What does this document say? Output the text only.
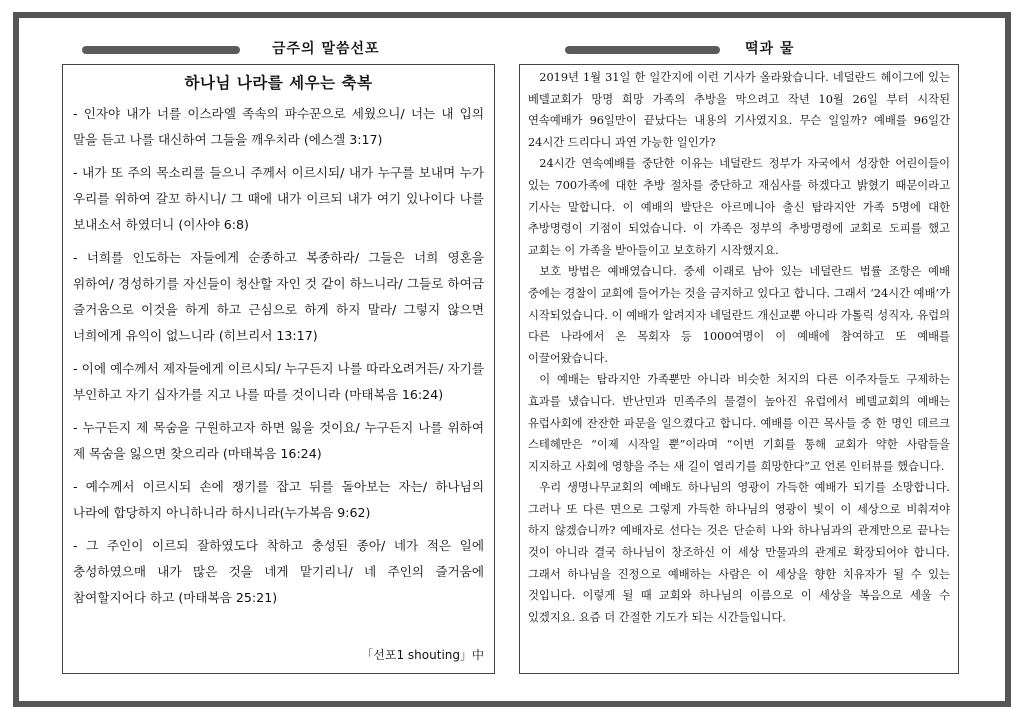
금주의 말씀선포	떡과 물
하나님 나라를 세우는 축복

- 인자야 내가 너를 이스라엘 족속의 파수꾼으로 세웠으니/ 너는 내 입의 말을 듣고 나를 대신하여 그들을 깨우치라 (에스겔 3:17)

- 내가 또 주의 목소리를 들으니 주께서 이르시되/ 내가 누구를 보내며 누가 우리를 위하여 갈꼬 하시니/ 그 때에 내가 이르되 내가 여기 있나이다 나를 보내소서 하였더니 (이사야 6:8)

- 너희를 인도하는 자들에게 순종하고 복종하라/ 그들은 너희 영혼을 위하여/ 경성하기를 자신들이 청산할 자인 것 같이 하느니라/ 그들로 하여금 즐거움으로 이것을 하게 하고 근심으로 하게 하지 말라/ 그렇지 않으면 너희에게 유익이 없느니라 (히브리서 13:17)

- 이에 예수께서 제자들에게 이르시되/ 누구든지 나를 따라오려거든/ 자기를 부인하고 자기 십자가를 지고 나를 따를 것이니라 (마태복음 16:24)

- 누구든지 제 목숨을 구원하고자 하면 잃을 것이요/ 누구든지 나를 위하여 제 목숨을 잃으면 찾으리라 (마태복음 16:24)

- 예수께서 이르시되 손에 쟁기를 잡고 뒤를 돌아보는 자는/ 하나님의 나라에 합당하지 아니하니라 하시니라(누가복음 9:62)

- 그 주인이 이르되 잘하였도다 착하고 충성된 종아/ 네가 적은 일에 충성하였으매 내가 많은 것을 네게 맡기리니/ 네 주인의 즐거움에 참여할지어다 하고 (마태복음 25:21)

「선포1 shouting」中

2019년 1월 31일 한 일간지에 이런 기사가 올라왔습니다. 네덜란드 헤이그에 있는 베델교회가 망명 희망 가족의 추방을 막으려고 작년 10월 26일 부터 시작된 연속예배가 96일만이 끝났다는 내용의 기사였지요. 무슨 일일까? 예배를 96일간 24시간 드리다니 과연 가능한 일인가?

24시간 연속예배를 중단한 이유는 네덜란드 정부가 자국에서 성장한 어린이들이 있는 700가족에 대한 추방 절차를 중단하고 재심사를 하겠다고 밝혔기 때문이라고 기사는 말합니다. 이 예배의 발단은 아르메니아 출신 탐라지안 가족 5명에 대한 추방명령이 기점이 되었습니다. 이 가족은 정부의 추방명령에 교회로 도피를 했고 교회는 이 가족을 받아들이고 보호하기 시작했지요.

보호 방법은 예배였습니다. 중세 이래로 남아 있는 네덜란드 법률 조항은 예배 중에는 경찰이 교회에 들어가는 것을 금지하고 있다고 합니다. 그래서 ‘24시간 예배’가 시작되었습니다. 이 예배가 알려지자 네덜란드 개신교뿐 아니라 가톨릭 성직자, 유럽의 다른 나라에서 온 목회자 등 1000여명이 이 예배에 참여하고 또 예배를 이끌어왔습니다.

이 예배는 탐라지안 가족뿐만 아니라 비슷한 처지의 다른 이주자들도 구제하는 효과를 냈습니다. 반난민과 민족주의 물결이 높아진 유럽에서 베델교회의 예배는 유럽사회에 잔잔한 파문을 일으켰다고 합니다. 예배를 이끈 목사들 중 한 명인 데르크 스테헤만은 “이제 시작일 뿐”이라며 “이번 기회를 통해 교회가 약한 사람들을 지지하고 사회에 영향을 주는 새 길이 열리기를 희망한다”고 언론 인터뷰를 했습니다.

우리 생명나무교회의 예배도 하나님의 영광이 가득한 예배가 되기를 소망합니다. 그러나 또 다른 면으로 그렇게 가득한 하나님의 영광이 빛이 이 세상으로 비춰져야 하지 않겠습니까? 예배자로 선다는 것은 단순히 나와 하나님과의 관계만으로 끝나는 것이 아니라 결국 하나님이 창조하신 이 세상 만물과의 관계로 확장되어야 합니다. 그래서 하나님을 진정으로 예배하는 사람은 이 세상을 향한 치유자가 될 수 있는 것입니다. 이렇게 될 때 교회와 하나님의 이름으로 이 세상을 복음으로 세울 수 있겠지요. 요즘 더 간절한 기도가 되는 시간들입니다.
